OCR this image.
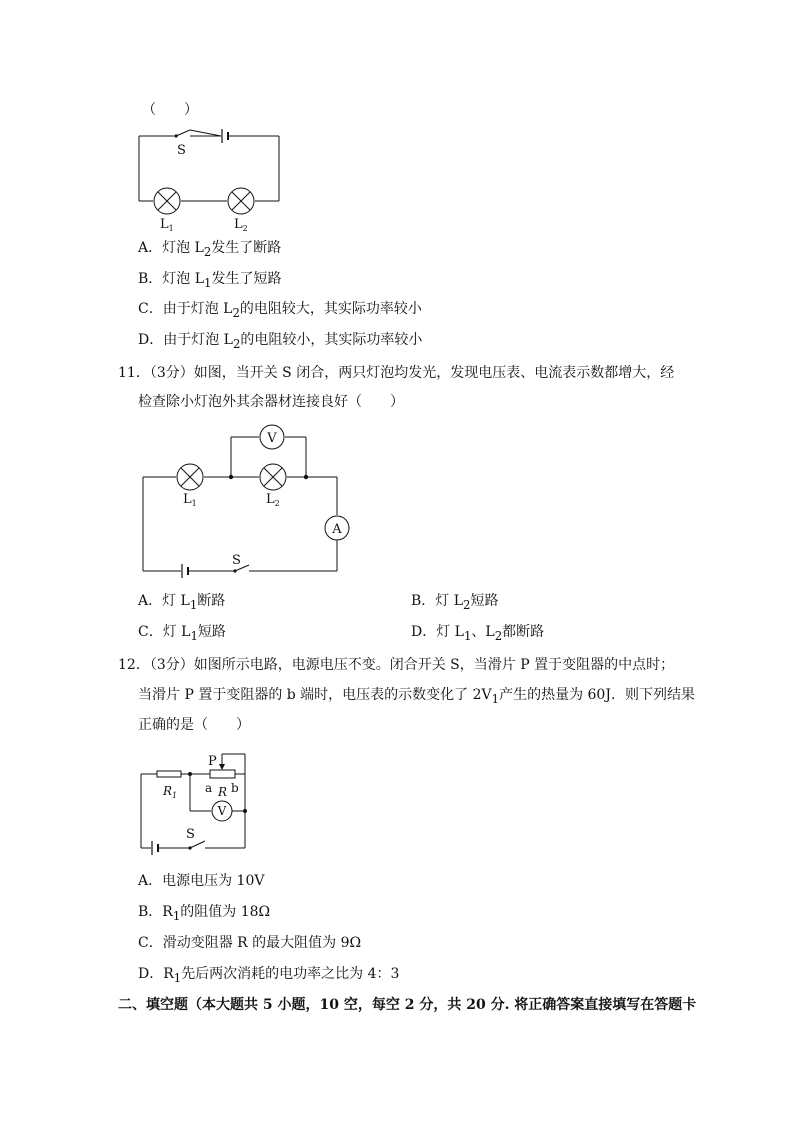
（　　）
S
$L_1$	$L_2$
A．灯泡 $L_2$发生了断路
B．灯泡 $L_1$发生了短路
C．由于灯泡 $L_2$的电阻较大，其实际功率较小
D．由于灯泡 $L_2$的电阻较小，其实际功率较小
11．（3分）如图，当开关 S 闭合，两只灯泡均发光，发现电压表、电流表示数都增大，经
检查除小灯泡外其余器材连接良好（　　）
V
A
S
$L_1$	$L_2$
A．灯 $L_1$断路	B．灯 $L_2$短路
C．灯 $L_1$短路	D．灯 $L_1$、$L_2$都断路
12．（3分）如图所示电路，电源电压不变。闭合开关 S，当滑片 P 置于变阻器的中点时；
当滑片 P 置于变阻器的 b 端时，电压表的示数变化了 $2V_1$产生的热量为 60J．则下列结果
正确的是（　　）
V
P
$R_1$
a R b
S
A．电源电压为 10V
B．$R_1$的阻值为 18Ω
C．滑动变阻器 R 的最大阻值为 9Ω
D．$R_1$先后两次消耗的电功率之比为 4：3
二、填空题（本大题共 5 小题，10 空，每空 2 分，共 20 分. 将正确答案直接填写在答题卡
